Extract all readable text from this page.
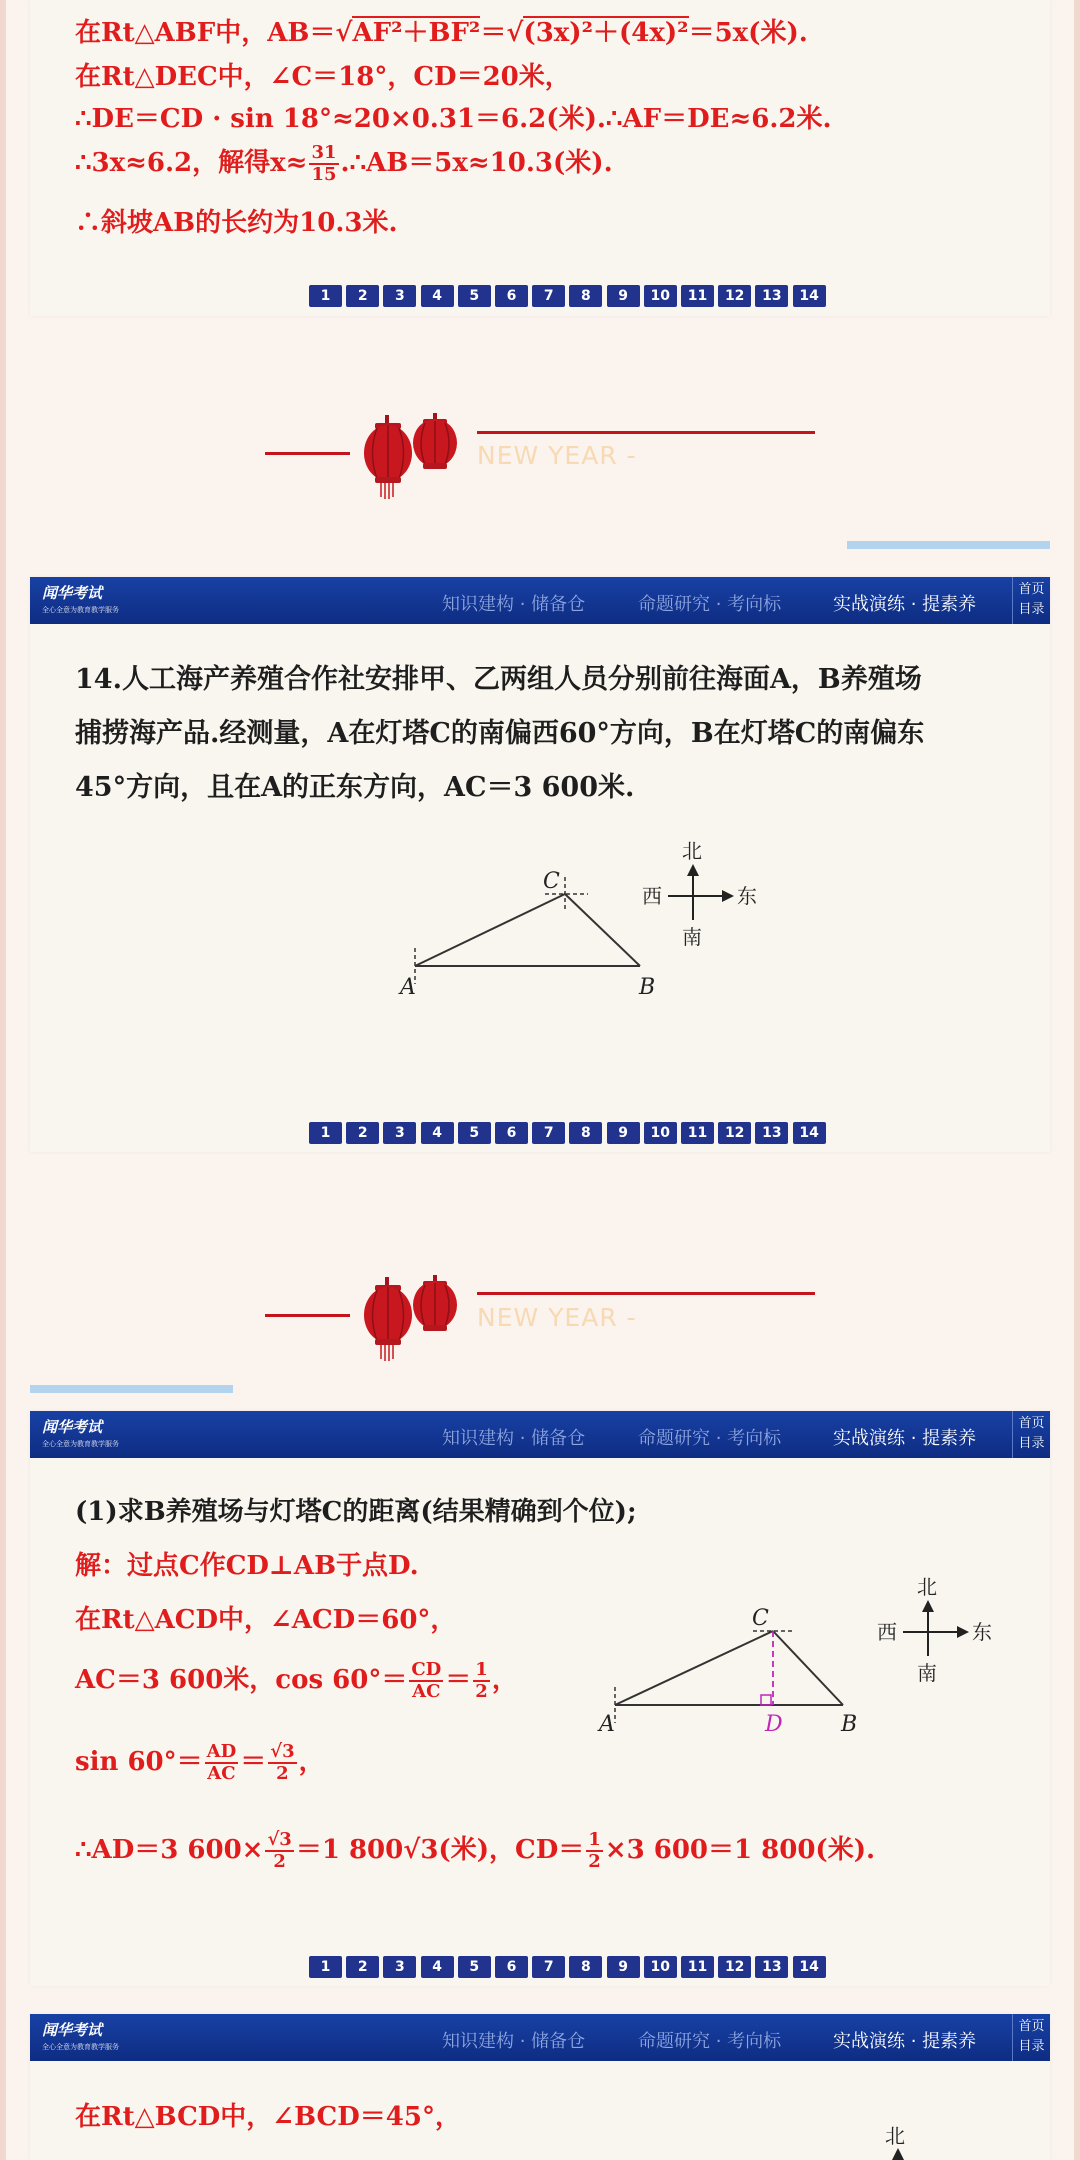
在Rt△ABF中，AB＝√AF²＋BF²＝√(3x)²＋(4x)²＝5x(米).
在Rt△DEC中，∠C＝18°，CD＝20米，
∴DE＝CD · sin 18°≈20×0.31＝6.2(米).∴AF＝DE≈6.2米.
∴3x≈6.2，解得$x\approx \frac{31}{15}$ .∴AB＝5x≈10.3(米).
∴斜坡AB的长约为10.3米.
1	2	3	4	5	6	7	8	9	10	11	12	13	14
NEW YEAR -
闻华考试
全心全意为教育教学服务	知识建构 · 储备仓	命题研究 · 考向标	实战演练 · 提素养
首页
目录
14.人工海产养殖合作社安排甲、乙两组人员分别前往海面A，B养殖场
捕捞海产品.经测量，A在灯塔C的南偏西60°方向，B在灯塔C的南偏东
45°方向，且在A的正东方向，AC＝3 600米.
C
A	B
北
南
西	东
1	2	3	4	5	6	7	8	9	10	11	12	13	14
NEW YEAR -
闻华考试
全心全意为教育教学服务	知识建构 · 储备仓	命题研究 · 考向标	实战演练 · 提素养
首页
目录
(1)求B养殖场与灯塔C的距离(结果精确到个位);
解：过点C作CD⊥AB于点D.
在Rt△ACD中，∠ACD＝60°，
AC＝3 600米，$\cos 60^\circ= \frac{CD}{AC} = \frac{1}{2}$ ，
$\sin 60^\circ= \frac{AD}{AC} = \frac{√3}{2}$ ，
∴AD＝3 $600\times \frac{√3}{2} =1$ 800√3(米)，$CD= \frac{1}{2} \times 3$ 600＝1 800(米).
C
A	D	B
北
南
西	东
1	2	3	4	5	6	7	8	9	10	11	12	13	14
闻华考试
全心全意为教育教学服务	知识建构 · 储备仓	命题研究 · 考向标	实战演练 · 提素养
首页
目录
在Rt△BCD中，∠BCD＝45°，
北
